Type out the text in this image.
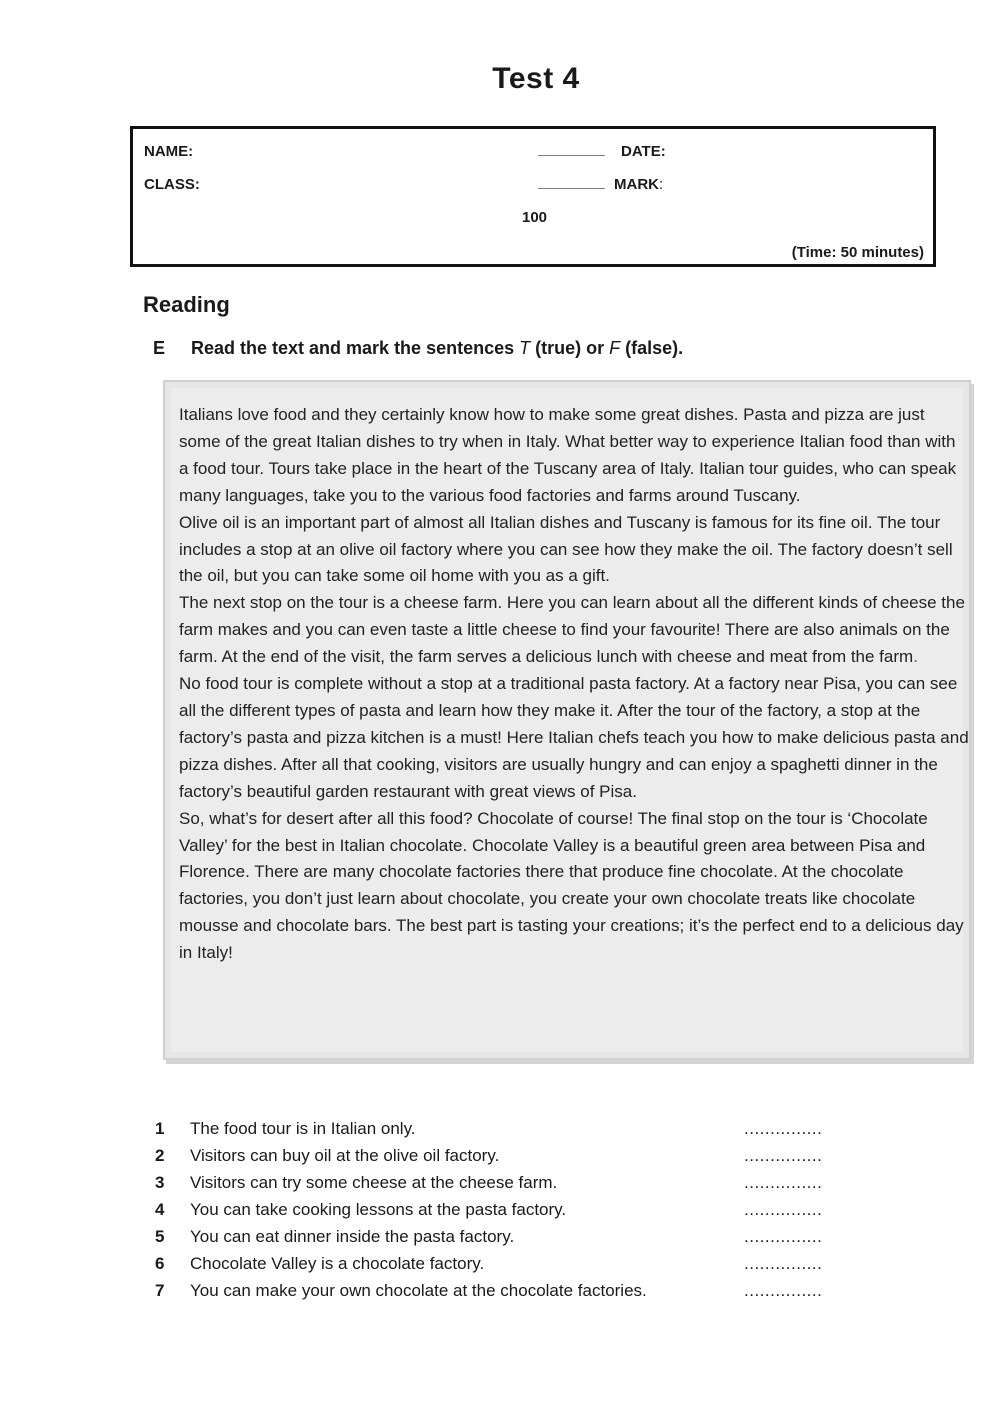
Test 4
NAME:	________ DATE:
CLASS:	________ MARK:
100
(Time: 50 minutes)
Reading
E Read the text and mark the sentences T (true) or F (false).

Italians love food and they certainly know how to make some great dishes. Pasta and pizza are just some of the great Italian dishes to try when in Italy. What better way to experience Italian food than with a food tour. Tours take place in the heart of the Tuscany area of Italy. Italian tour guides, who can speak many languages, take you to the various food factories and farms around Tuscany.

Olive oil is an important part of almost all Italian dishes and Tuscany is famous for its fine oil. The tour includes a stop at an olive oil factory where you can see how they make the oil. The factory doesn’t sell the oil, but you can take some oil home with you as a gift.

The next stop on the tour is a cheese farm. Here you can learn about all the different kinds of cheese the farm makes and you can even taste a little cheese to find your favourite! There are also animals on the farm. At the end of the visit, the farm serves a delicious lunch with cheese and meat from the farm.

No food tour is complete without a stop at a traditional pasta factory. At a factory near Pisa, you can see all the different types of pasta and learn how they make it. After the tour of the factory, a stop at the factory’s pasta and pizza kitchen is a must! Here Italian chefs teach you how to make delicious pasta and pizza dishes. After all that cooking, visitors are usually hungry and can enjoy a spaghetti dinner in the factory’s beautiful garden restaurant with great views of Pisa.

So, what’s for desert after all this food? Chocolate of course! The final stop on the tour is ‘Chocolate Valley’ for the best in Italian chocolate. Chocolate Valley is a beautiful green area between Pisa and Florence. There are many chocolate factories there that produce fine chocolate. At the chocolate factories, you don’t just learn about chocolate, you create your own chocolate treats like chocolate mousse and chocolate bars. The best part is tasting your creations; it’s the perfect end to a delicious day in Italy!

1 The food tour is in Italian only.	...............
2 Visitors can buy oil at the olive oil factory.	...............
3 Visitors can try some cheese at the cheese farm.	...............
4 You can take cooking lessons at the pasta factory.	...............
5 You can eat dinner inside the pasta factory.	...............
6 Chocolate Valley is a chocolate factory.	...............
7 You can make your own chocolate at the chocolate factories.	...............
